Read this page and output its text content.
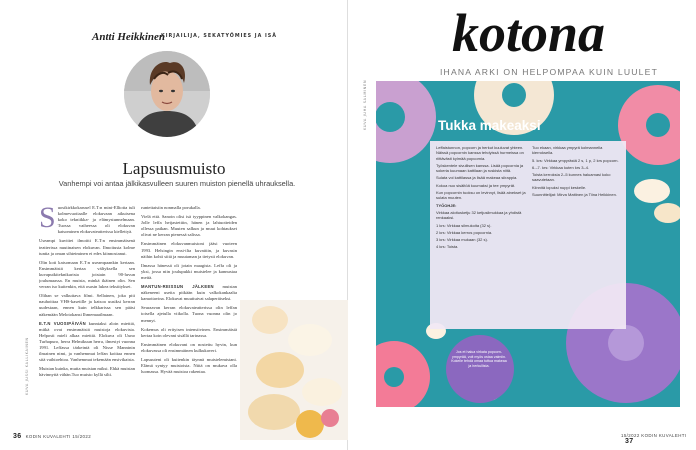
Antti Heikkinen
KIRJAILIJA, SEKATYÖMIES JA ISÄ
Lapsuusmuisto
Vanhempi voi antaa jälkikasvulleen suuren muiston pienellä uhrauksella.
KUVA JUSSI KALLIKAINEN

Suosikirkkokarusel E.T:n mini-Elliotta tuli kolmevuotiaalle elokuvaan aikuisena koko tekniikka- ja elämystunnelmaan. Tuossa vaiheessa oli elokuvan katsominen elokuvateatterissa kiellettyä.

Useampi kuvittei ilmoitti E.T:n ensimmäisenä teatterissa nuutinaisen elokuvan. Ilmoitusta kolme tuntia ja oman sihteiminen ei edes kiinnostanut.

Olin koti katsomaan E.T:n useampaankin kertaan. Ensimmäistä kertaa vältyksella sen kuvaputkiteknikarista joistain 90-luvun joulumaassa. En muista, minkä ikäinen olin. Sen verran iso kuitenkin, että osasin lukea tekstitykset.

Olihan se valkuttava filmi. Sellainen, joka piti nauhoittaa VHS-kasetille ja katsoa uusiksi kerran uudestaan, ennen kuin telkkarissa sen pääsi näkemään Melotokansi Ihmemaailmaan.

E.T.N VUOSIPÄIVÄN kunniaksi aloin miettiä, mitkä ovat ensimmäisiä muistoja elokuvista. Helposti mieli alkaa miettiä. Elokuva oli Uuno Turhapuro, herra Helmikuun herra, ilmestyi vuonna 1991. Leffassa tärkeintä oli Nisse Manninin ilmainen nimi, ja vanhemmat leffan koittaa ennen sitä vaihtoehtoa. Vanhemmat tekemään ensivikaista.

Muistan kuinka, mutta muistan miksi. Ehkä muistan hävinnyttä vähän.Tuo muisto kyllä silti.

runtettaisiin nonmalla porukalla.

Vielä että. Sanoin olisi isä tyyppinen valkokangas. Jolle leffa heijastettiin, hänen ja lahtuotteiden ollessa paikan. Muuten salkun ja muut kohtaukset olivat ne kerran pienessä salissa.

Ensimmäinen elokuvanmuistoni jääsi vuoteen 1993. Helsingin ensi-ilta kuvattiin, ja kuvasin näihin kohti siitä ja muutaman ja tietysti elokuvan.

Ilmassa hänessä oli jotain maagista. Leffa oli ja yksi, jossa niin joulupukki muistelee ja kannustaa meitä.

MANTUN-REISSUN JÄLKEEN muistan näkeneeni useita pitkään kuin valkokankaalta kamottavina. Elokuvat muuttuivat salaperäiseksi.

Seuraavan kerran elokuvateatterissa olin leffan toisella ajetulla viikolla. Tuona vuonna olin jo mennyt.

Kokemus oli erityisen intensiivinen. Ensimmäistä kertaa koin olevani sisällä tarinassa.

Ensimmäinen elokuvani on nostettu hyvin, kun elokuvassa oli ensimmäinen kulkukaveri.

Lapsuuteni oli kuitenkin täynnä muistelemistani. Elämä syntyy muistoista. Niitä on mukava olla luomassa. Hyvää muistoa rakentaa.

36 KODIN KUVALEHTI 15/2022
kotona
IHANA ARKI ON HELPOMPAA KUIN LUULET
KUVA JUHA SALMINEN	Tukka makeaksi

Leffaistunnon, popcorn ja herkut kuuluvat yhteen. Näissä popcornin kanssa tehdyissä hurmeissa on riittävästi kylmää popcornia.

Työskentele sivullisen kanssa. Lisää popcornia ja sokeria kuumaan kattilaan ja ruskista niitä.

Sulata voi kattilassa ja lisää makeaa siirappia.

Kokoa nuo sisältöä kuumaksi ja tee ympyrät.

Kun popcornin tuoksu on levinnyt, lisää ainekset ja sulata muuten.

TYÖOHJE:

Virkkaa aloitusketju 32 ketjusilmukkaa ja yhdistä renkaaksi.

1 krs: Virkkaa silmukoita (32 s).

2 krs: Virkkaa kerros popcornia.

3 krs: Virkkaa mukaan (32 s).

4 krs: Toista.

Tuo ekaan, virkkaa ympyrä kolmannella kierroksella.

5. krs: Virkkaa ympyrästä 2 s, 1 p, 2 krs popcorn.

6.–7. krs: Virkkaa kuten krs 3–4.

Toista kerroksia 2–5 kunnes haluamasi koko saavutetaan.

Kiinnitä lopuksi nuppi keskelle.

Suunnittelijat: Mirva Mattinen ja Tiina Heikkinen.

Jos et halua virkata popcorn-ympyrää, voit myös ostaa valmiin. Kokeile tehdä omaa tuttua makeaa ja herkullista.
15/2022 KODIN KUVALEHTI 37
